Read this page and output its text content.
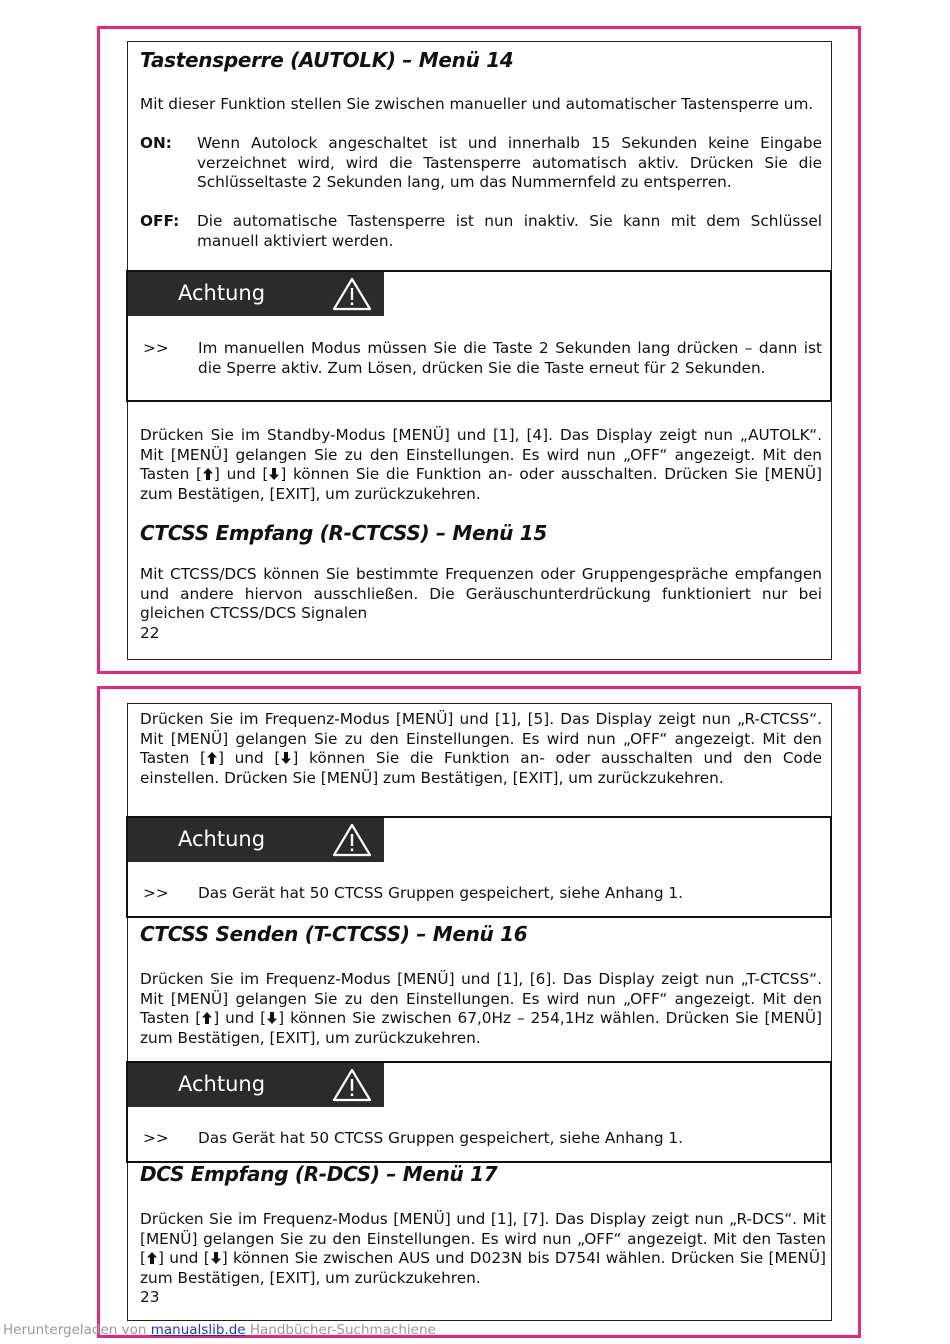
Tastensperre (AUTOLK) – Menü 14
Mit dieser Funktion stellen Sie zwischen manueller und automatischer Tastensperre um.
ON: Wenn Autolock angeschaltet ist und innerhalb 15 Sekunden keine Eingabe verzeichnet wird, wird die Tastensperre automatisch aktiv. Drücken Sie die Schlüsseltaste 2 Sekunden lang, um das Nummernfeld zu entsperren.
OFF: Die automatische Tastensperre ist nun inaktiv. Sie kann mit dem Schlüssel manuell aktiviert werden.
Achtung
>> Im manuellen Modus müssen Sie die Taste 2 Sekunden lang drücken – dann ist die Sperre aktiv. Zum Lösen, drücken Sie die Taste erneut für 2 Sekunden.
Drücken Sie im Standby-Modus [MENÜ] und [1], [4]. Das Display zeigt nun „AUTOLK“. Mit [MENÜ] gelangen Sie zu den Einstellungen. Es wird nun „OFF“ angezeigt. Mit den Tasten [ ] und [ ] können Sie die Funktion an- oder ausschalten. Drücken Sie [MENÜ] zum Bestätigen, [EXIT], um zurückzukehren.
CTCSS Empfang (R-CTCSS) – Menü 15
Mit CTCSS/DCS können Sie bestimmte Frequenzen oder Gruppengespräche empfangen und andere hiervon ausschließen. Die Geräuschunterdrückung funktioniert nur bei gleichen CTCSS/DCS Signalen
22
Drücken Sie im Frequenz-Modus [MENÜ] und [1], [5]. Das Display zeigt nun „R-CTCSS“. Mit [MENÜ] gelangen Sie zu den Einstellungen. Es wird nun „OFF“ angezeigt. Mit den Tasten [ ] und [ ] können Sie die Funktion an- oder ausschalten und den Code einstellen. Drücken Sie [MENÜ] zum Bestätigen, [EXIT], um zurückzukehren.
Achtung
>> Das Gerät hat 50 CTCSS Gruppen gespeichert, siehe Anhang 1.
CTCSS Senden (T-CTCSS) – Menü 16
Drücken Sie im Frequenz-Modus [MENÜ] und [1], [6]. Das Display zeigt nun „T-CTCSS“. Mit [MENÜ] gelangen Sie zu den Einstellungen. Es wird nun „OFF“ angezeigt. Mit den Tasten [ ] und [ ] können Sie zwischen 67,0Hz – 254,1Hz wählen. Drücken Sie [MENÜ] zum Bestätigen, [EXIT], um zurückzukehren.
Achtung
>> Das Gerät hat 50 CTCSS Gruppen gespeichert, siehe Anhang 1.
DCS Empfang (R-DCS) – Menü 17
Drücken Sie im Frequenz-Modus [MENÜ] und [1], [7]. Das Display zeigt nun „R-DCS“. Mit [MENÜ] gelangen Sie zu den Einstellungen. Es wird nun „OFF“ angezeigt. Mit den Tasten [ ] und [ ] können Sie zwischen AUS und D023N bis D754I wählen. Drücken Sie [MENÜ] zum Bestätigen, [EXIT], um zurückzukehren.
23
Heruntergeladen von manualslib.de Handbücher-Suchmachiene
